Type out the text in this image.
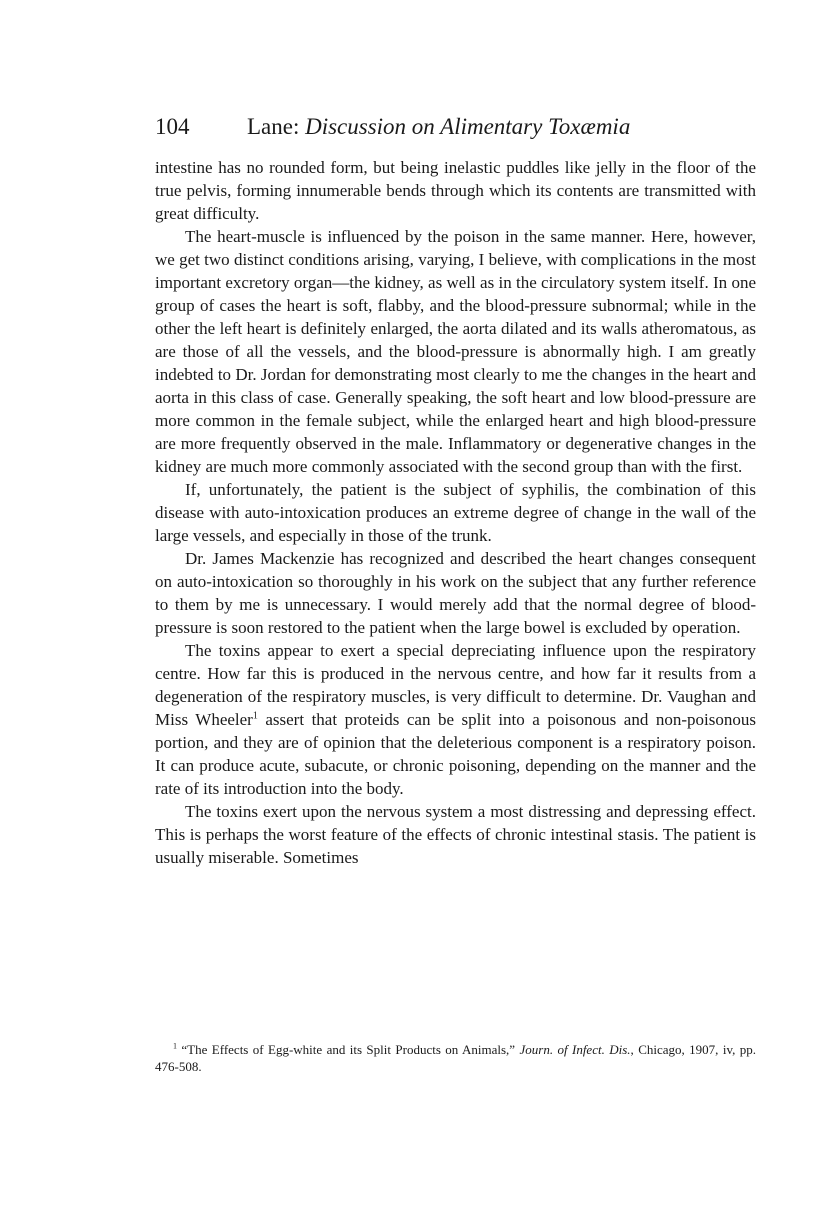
104	Lane: Discussion on Alimentary Toxæmia

intestine has no rounded form, but being inelastic puddles like jelly in the floor of the true pelvis, forming innumerable bends through which its contents are transmitted with great difficulty.

The heart-muscle is influenced by the poison in the same manner. Here, however, we get two distinct conditions arising, varying, I believe, with complications in the most important excretory organ—the kidney, as well as in the circulatory system itself. In one group of cases the heart is soft, flabby, and the blood-pressure subnormal; while in the other the left heart is definitely enlarged, the aorta dilated and its walls atheromatous, as are those of all the vessels, and the blood-pressure is abnormally high. I am greatly indebted to Dr. Jordan for demonstrating most clearly to me the changes in the heart and aorta in this class of case. Generally speaking, the soft heart and low blood-pressure are more common in the female subject, while the enlarged heart and high blood-pressure are more frequently observed in the male. Inflammatory or degenerative changes in the kidney are much more commonly associated with the second group than with the first.

If, unfortunately, the patient is the subject of syphilis, the combination of this disease with auto-intoxication produces an extreme degree of change in the wall of the large vessels, and especially in those of the trunk.

Dr. James Mackenzie has recognized and described the heart changes consequent on auto-intoxication so thoroughly in his work on the subject that any further reference to them by me is unnecessary. I would merely add that the normal degree of blood-pressure is soon restored to the patient when the large bowel is excluded by operation.

The toxins appear to exert a special depreciating influence upon the respiratory centre. How far this is produced in the nervous centre, and how far it results from a degeneration of the respiratory muscles, is very difficult to determine. Dr. Vaughan and Miss Wheeler$^1$ assert that proteids can be split into a poisonous and non-poisonous portion, and they are of opinion that the deleterious component is a respiratory poison. It can produce acute, subacute, or chronic poisoning, depending on the manner and the rate of its introduction into the body.

The toxins exert upon the nervous system a most distressing and depressing effect. This is perhaps the worst feature of the effects of chronic intestinal stasis. The patient is usually miserable. Sometimes

$^1$ “The Effects of Egg-white and its Split Products on Animals,” Journ. of Infect. Dis., Chicago, 1907, iv, pp. 476-508.
